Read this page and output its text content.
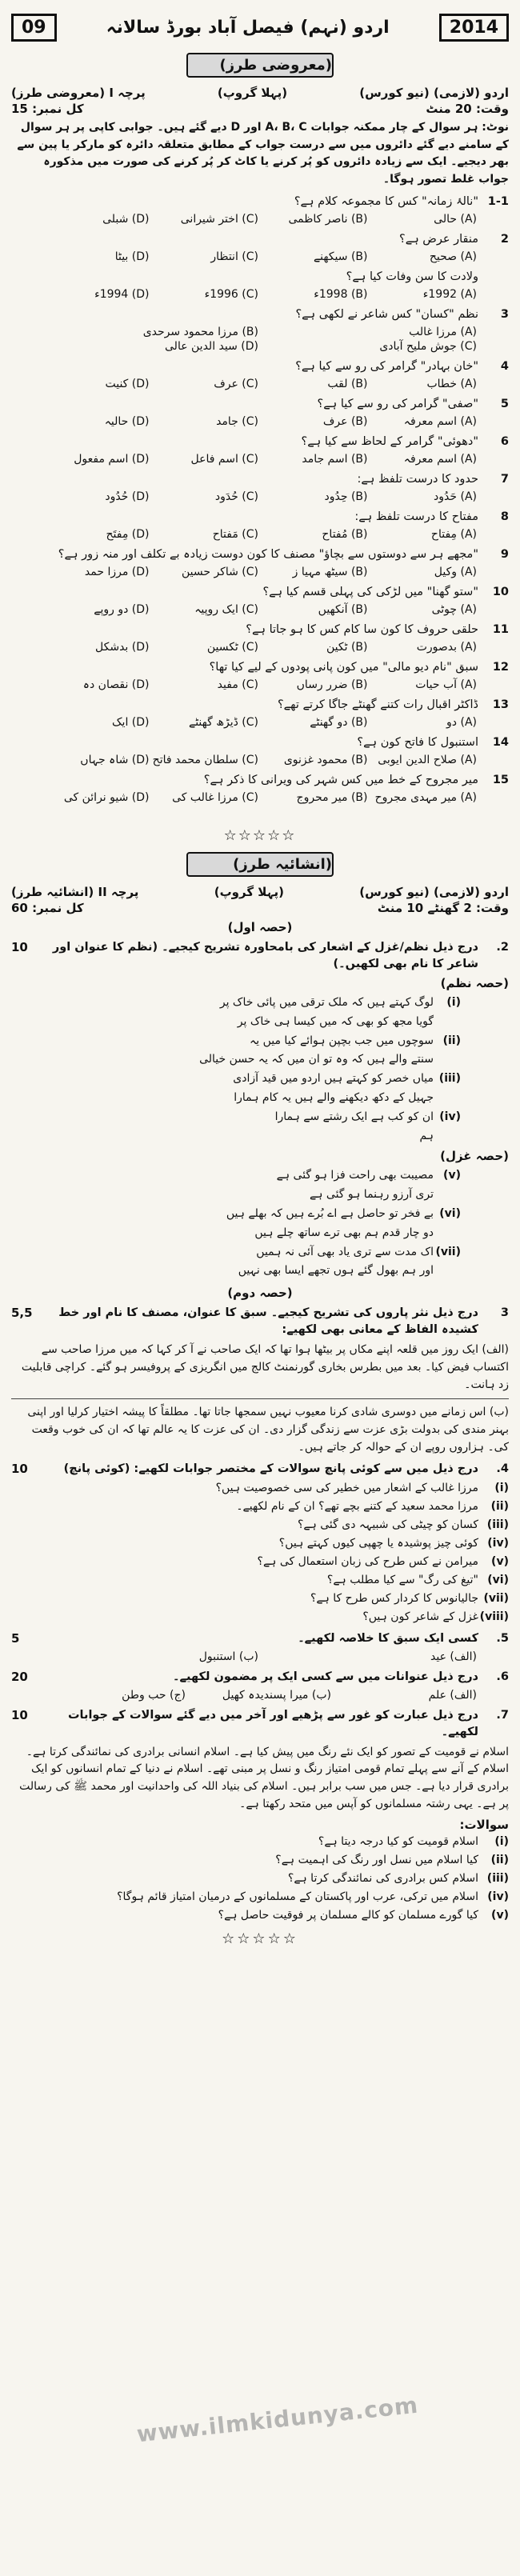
09	اردو (نہم) فیصل آباد بورڈ سالانہ	2014
(معروضی طرز)
اردو (لازمی) (نیو کورس)
(پہلا گروپ)
پرچہ I (معروضی طرز)
وقت: 20 منٹ
کل نمبر: 15
نوٹ: ہر سوال کے چار ممکنہ جوابات A، B، C اور D دیے گئے ہیں۔ جوابی کاپی پر ہر سوال کے سامنے دیے گئے دائروں میں سے درست جواب کے مطابق متعلقہ دائرہ کو مارکر یا پین سے بھر دیجیے۔ ایک سے زیادہ دائروں کو پُر کرنے یا کاٹ کر پُر کرنے کی صورت میں مذکورہ جواب غلط تصور ہوگا۔
1-1
"نالۂ زمانہ" کس کا مجموعہ کلام ہے؟
(A) حالی
(B) ناصر کاظمی
(C) اختر شیرانی
(D) شبلی
2
منقار عرض ہے؟
(A) صحیح
(B) سیکھنے
(C) انتظار
(D) بیٹا
ولادت کا سن وفات کیا ہے؟
(A) 1992ء
(B) 1998ء
(C) 1996ء
(D) 1994ء
3
نظم "کسان" کس شاعر نے لکھی ہے؟
(A) مرزا غالب
(B) مرزا محمود سرحدی
(C) جوش ملیح آبادی
(D) سید الدین عالی
4
"خان بہادر" گرامر کی رو سے کیا ہے؟
(A) خطاب
(B) لقب
(C) عرف
(D) کنیت
5
"صفی" گرامر کی رو سے کیا ہے؟
(A) اسم معرفہ
(B) عرف
(C) جامد
(D) حالیہ
6
"دھوئی" گرامر کے لحاظ سے کیا ہے؟
(A) اسم معرفہ
(B) اسم جامد
(C) اسم فاعل
(D) اسم مفعول
7
حدود کا درست تلفظ ہے:
(A) حَدُود
(B) حِدُود
(C) حُدَود
(D) حُدُود
8
مفتاح کا درست تلفظ ہے:
(A) مِفتاح
(B) مُفتاح
(C) مَفتاح
(D) مِفتَح
9
"مجھے ہر سے دوستوں سے بچاؤ" مصنف کا کون دوست زیادہ بے تکلف اور منہ زور ہے؟
(A) وکیل
(B) سیٹھ مہیا ز
(C) شاکر حسین
(D) مرزا حمد
10
"ستو گھنا" میں لڑکی کی پہلی قسم کیا ہے؟
(A) چوٹی
(B) آنکھیں
(C) ایک روپیہ
(D) دو روپے
11
حلقی حروف کا کون سا کام کس کا ہو جاتا ہے؟
(A) بدصورت
(B) ٹکین
(C) ٹکسین
(D) بدشکل
12
سبق "نام دیو مالی" میں کون پانی پودوں کے لیے کیا تھا؟
(A) آب حیات
(B) ضرر رساں
(C) مفید
(D) نقصان دہ
13
ڈاکٹر اقبال رات کتنے گھنٹے جاگا کرتے تھے؟
(A) دو
(B) دو گھنٹے
(C) ڈیڑھ گھنٹے
(D) ایک
14
استنبول کا فاتح کون ہے؟
(A) صلاح الدین ایوبی
(B) محمود غزنوی
(C) سلطان محمد فاتح
(D) شاہ جہاں
15
میر مجروح کے خط میں کس شہر کی ویرانی کا ذکر ہے؟
(A) میر مہدی مجروح
(B) میر محروج
(C) مرزا غالب کی
(D) شیو نرائن کی
☆☆☆☆☆
(انشائیہ طرز)
اردو (لازمی) (نیو کورس)
(پہلا گروپ)
پرچہ II (انشائیہ طرز)
وقت: 2 گھنٹے 10 منٹ
کل نمبر: 60
(حصہ اول)
2.
درج ذیل نظم/غزل کے اشعار کی بامحاورہ تشریح کیجیے۔ (نظم کا عنوان اور شاعر کا نام بھی لکھیں۔)
10
(حصہ نظم)
(i)
لوگ کہتے ہیں کہ ملک ترقی میں پائی خاک پر
گویا مجھ کو بھی کہ میں کیسا ہی خاک پر
(ii)
سوچوں میں جب بچپن ہوائے کیا میں یہ
سنتے والے ہیں کہ وہ تو ان میں کہ یہ حسن خیالی
(iii)
میاں خصر کو کہتے ہیں اردو میں قید آزادی
جہیل کے دکھ دیکھنے والے ہیں یہ کام ہمارا
(iv)
ان کو کب ہے ایک رشتے سے ہمارا
ہم
(حصہ غزل)
(v)
مصیبت بھی راحت فزا ہو گئی ہے
تری آرزو رہنما ہو گئی ہے
(vi)
بے فخر تو حاصل ہے اے بُرے ہیں کہ بھلے ہیں
دو چار قدم ہم بھی ترے ساتھ چلے ہیں
(vii)
اک مدت سے تری یاد بھی آئی نہ ہمیں
اور ہم بھول گئے ہوں تجھے ایسا بھی نہیں
(حصہ دوم)
3
درج ذیل نثر پاروں کی تشریح کیجیے۔ سبق کا عنوان، مصنف کا نام اور خط کشیدہ الفاظ کے معانی بھی لکھیے:
5,5
(الف) ایک روز میں قلعہ اپنے مکاں پر بیٹھا ہوا تھا کہ ایک صاحب نے آ کر کہا کہ میں مرزا صاحب سے اکتساب فیض کیا۔ بعد میں بطرس بخاری گورنمنٹ کالج میں انگریزی کے پروفیسر ہو گئے۔ کراچی قابلیت زد ہانت۔
(ب) اس زمانے میں دوسری شادی کرنا معیوب نہیں سمجھا جاتا تھا۔ مطلقاً کا پیشہ اختیار کرلیا اور اپنی بہنر مندی کی بدولت بڑی عزت سے زندگی گزار دی۔ ان کی عزت کا یہ عالم تھا کہ ان کی خوب وقعت کی۔ ہزاروں روپے ان کے حوالہ کر جاتے ہیں۔
4.
درج ذیل میں سے کوئی پانچ سوالات کے مختصر جوابات لکھیے: (کوئی پانچ)
10
(i)
مرزا غالب کے اشعار میں خطیر کی سی خصوصیت ہیں؟
(ii)
مرزا محمد سعید کے کتنے بچے تھے؟ ان کے نام لکھیے۔
(iii)
کسان کو چیٹی کی شبیہہ دی گئی ہے؟
(iv)
کوئی چیز پوشیدہ یا چھپی کیوں کہتے ہیں؟
(v)
میرامن نے کس طرح کی زبان استعمال کی ہے؟
(vi)
"تیغ کی رگ" سے کیا مطلب ہے؟
(vii)
جالیانوس کا کردار کس طرح کا ہے؟
(viii)
غزل کے شاعر کون ہیں؟
5.
کسی ایک سبق کا خلاصہ لکھیے۔
5
(الف) عید
(ب) استنبول
6.
درج ذیل عنوانات میں سے کسی ایک پر مضمون لکھیے۔
20
(الف) علم
(ب) میرا پسندیدہ کھیل
(ج) حب وطن
7.
درج ذیل عبارت کو غور سے پڑھیے اور آخر میں دیے گئے سوالات کے جوابات لکھیے۔
10
اسلام نے قومیت کے تصور کو ایک نئے رنگ میں پیش کیا ہے۔ اسلام انسانی برادری کی نمائندگی کرتا ہے۔ اسلام کے آنے سے پہلے تمام قومی امتیاز رنگ و نسل پر مبنی تھے۔ اسلام نے دنیا کے تمام انسانوں کو ایک برادری قرار دیا ہے۔ جس میں سب برابر ہیں۔ اسلام کی بنیاد اللہ کی واحدانیت اور محمد ﷺ کی رسالت پر ہے۔ یہی رشتہ مسلمانوں کو آپس میں متحد رکھتا ہے۔
سوالات:
(i)
اسلام قومیت کو کیا درجہ دیتا ہے؟
(ii)
کیا اسلام میں نسل اور رنگ کی اہمیت ہے؟
(iii)
اسلام کس برادری کی نمائندگی کرتا ہے؟
(iv)
اسلام میں ترکی، عرب اور پاکستان کے مسلمانوں کے درمیان امتیاز قائم ہوگا؟
(v)
کیا گورے مسلمان کو کالے مسلمان پر فوقیت حاصل ہے؟
☆☆☆☆☆
www.ilmkidunya.com
